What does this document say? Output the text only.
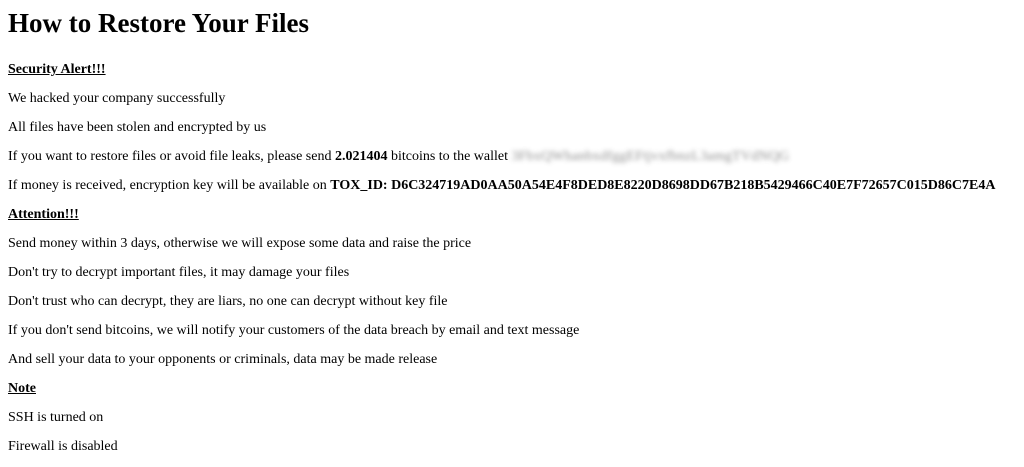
How to Restore Your Files

Security Alert!!!

We hacked your company successfully

All files have been stolen and encrypted by us

If you want to restore files or avoid file leaks, please send 2.021404 bitcoins to the wallet 3FbxQWhanbxdfggEFtjvxfbnzL3amgTVdNQG

If money is received, encryption key will be available on TOX_ID: D6C324719AD0AA50A54E4F8DED8E8220D8698DD67B218B5429466C40E7F72657C015D86C7E4A

Attention!!!

Send money within 3 days, otherwise we will expose some data and raise the price

Don't try to decrypt important files, it may damage your files

Don't trust who can decrypt, they are liars, no one can decrypt without key file

If you don't send bitcoins, we will notify your customers of the data breach by email and text message

And sell your data to your opponents or criminals, data may be made release

Note

SSH is turned on

Firewall is disabled
